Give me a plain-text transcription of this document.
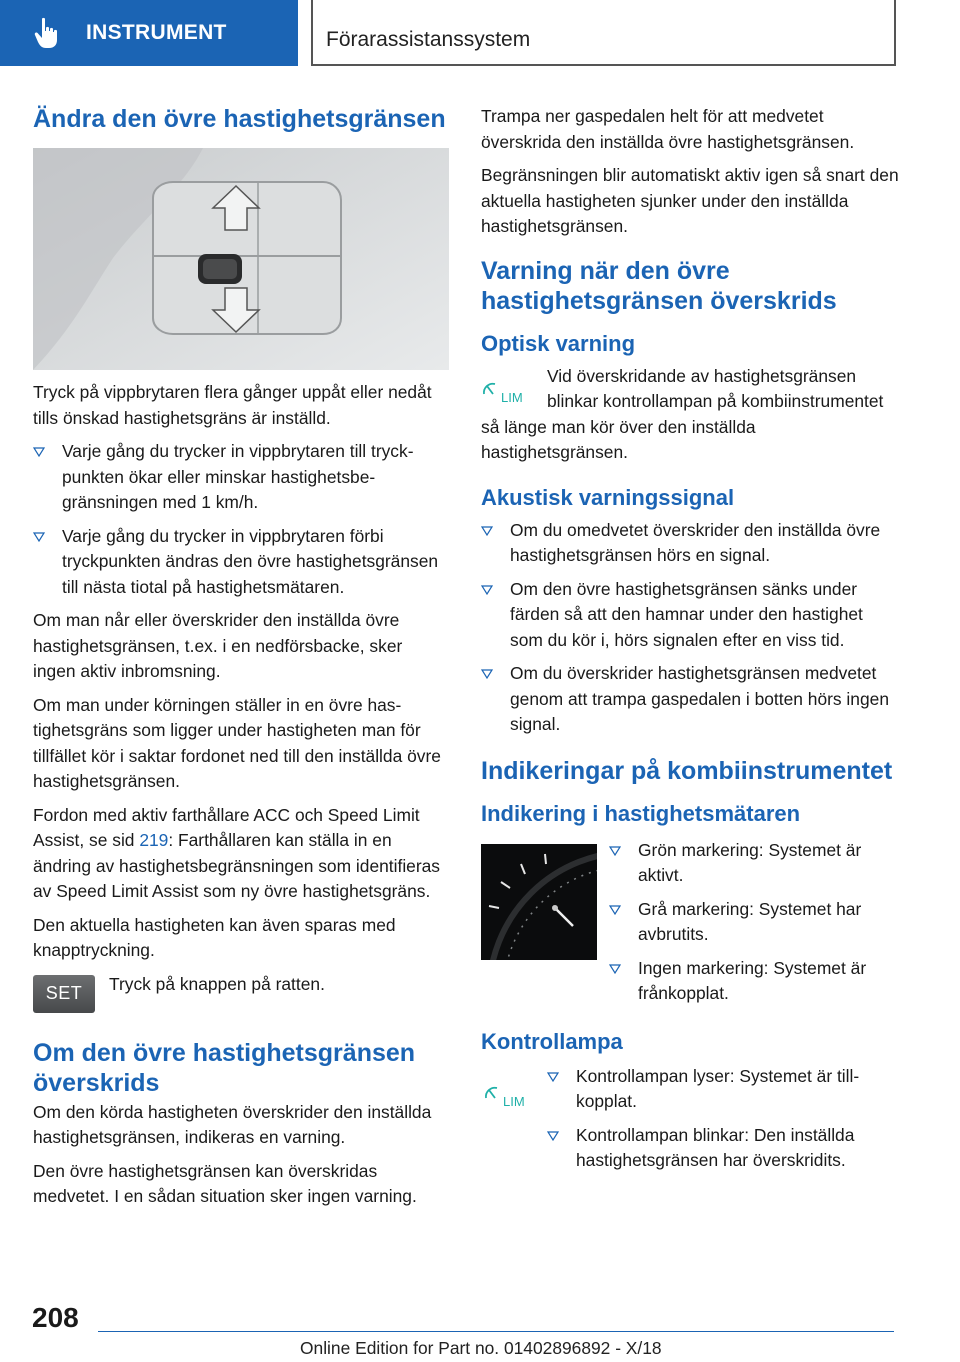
INSTRUMENT	Förarassistanssystem
Ändra den övre hastighetsgränsen

Tryck på vippbrytaren flera gånger uppåt eller nedåt tills önskad hastighetsgräns är inställd.

Varje gång du trycker in vippbrytaren till tryckpunkten ökar eller minskar hastighetsbegränsningen med 1 km/h.
Varje gång du trycker in vippbrytaren förbi tryckpunkten ändras den övre hastighetsgränsen till nästa tiotal på hastighetsmätaren.

Om man når eller överskrider den inställda övre hastighetsgränsen, t.ex. i en nedförsbacke, sker ingen aktiv inbromsning.

Om man under körningen ställer in en övre hastighetsgräns som ligger under hastigheten man för tillfället kör i saktar fordonet ned till den inställda övre hastighetsgränsen.

Fordon med aktiv farthållare ACC och Speed Limit Assist, se sid 219: Farthållaren kan ställa in en ändring av hastighetsbegränsningen som identifieras av Speed Limit Assist som ny övre hastighetsgräns.

Den aktuella hastigheten kan även sparas med knapptryckning.

SET Tryck på knappen på ratten.
Om den övre hastighetsgränsen överskrids

Om den körda hastigheten överskrider den inställda hastighetsgränsen, indikeras en varning.

Den övre hastighetsgränsen kan överskridas medvetet. I en sådan situation sker ingen varning.

Trampa ner gaspedalen helt för att medvetet överskrida den inställda övre hastighetsgränsen.

Begränsningen blir automatiskt aktiv igen så snart den aktuella hastigheten sjunker under den inställda hastighetsgränsen.

Varning när den övre hastighetsgränsen överskrids
Optisk varning
LIM
Vid överskridande av hastighetsgränsen blinkar kontrollampan på kombiinstrumentet så länge man kör över den inställda hastighetsgränsen.
Akustisk varningssignal
Om du omedvetet överskrider den inställda övre hastighetsgränsen hörs en signal.
Om den övre hastighetsgränsen sänks under färden så att den hamnar under den hastighet som du kör i, hörs signalen efter en viss tid.
Om du överskrider hastighetsgränsen medvetet genom att trampa gaspedalen i botten hörs ingen signal.
Indikeringar på kombiinstrumentet
Indikering i hastighetsmätaren
Grön markering: Systemet är aktivt.
Grå markering: Systemet har avbrutits.
Ingen markering: Systemet är frånkopplat.
Kontrollampa
LIM
Kontrollampan lyser: Systemet är tillkopplat.
Kontrollampan blinkar: Den inställda hastighetsgränsen har överskridits.
208
Online Edition for Part no. 01402896892 - X/18
